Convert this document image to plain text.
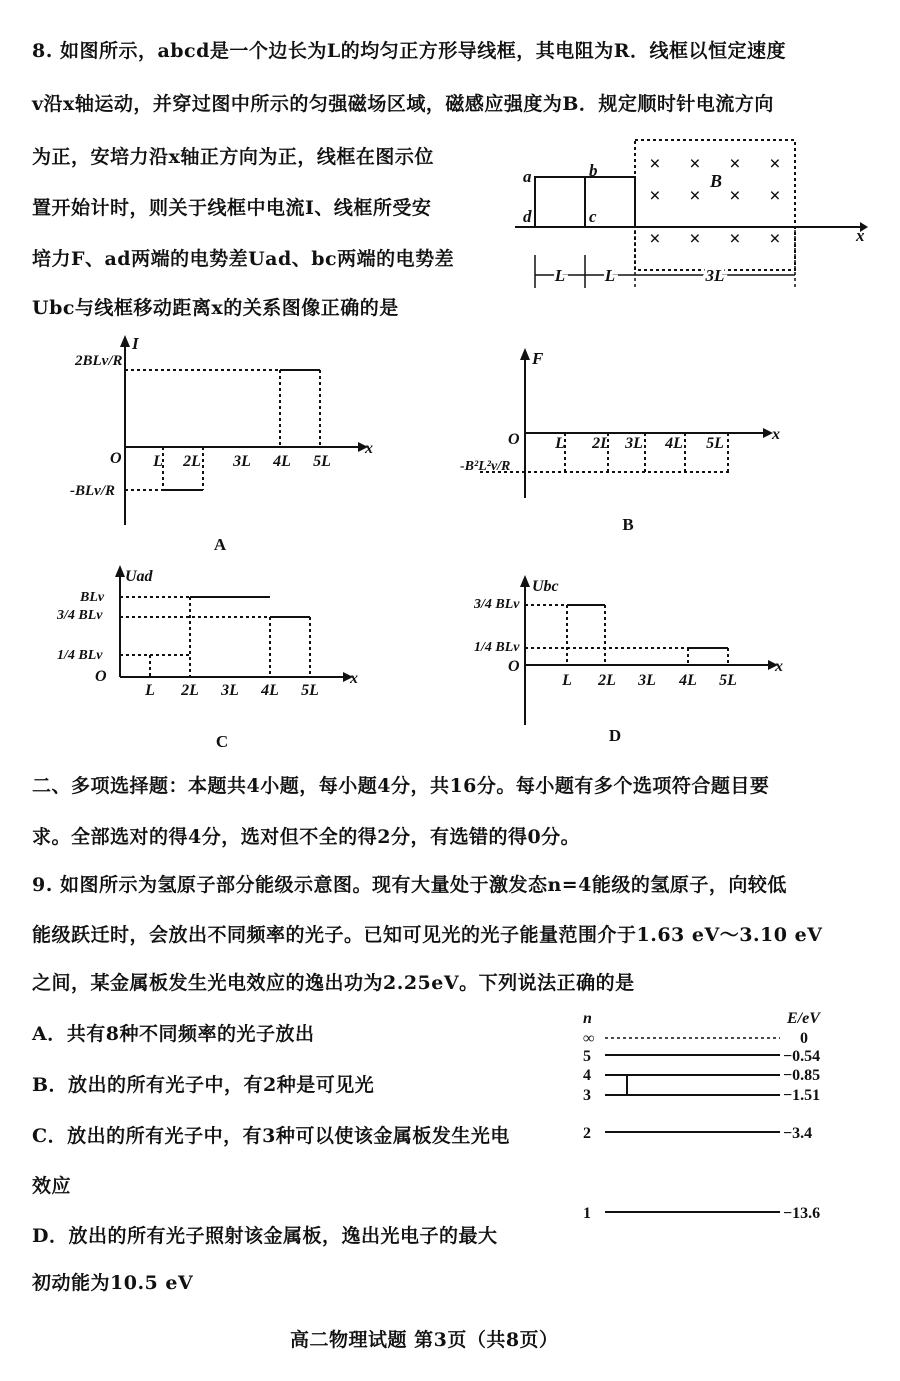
8. 如图所示，abcd是一个边长为L的均匀正方形导线框，其电阻为R．线框以恒定速度
v沿x轴运动，并穿过图中所示的匀强磁场区域，磁感应强度为B．规定顺时针电流方向
为正，安培力沿x轴正方向为正，线框在图示位
置开始计时，则关于线框中电流I、线框所受安
培力F、ad两端的电势差Uad、bc两端的电势差
Ubc与线框移动距离x的关系图像正确的是
× × × ×
× × × ×
× × × ×
B
a
d
b
c
x
L L	3L
I
x
O
2BLv/R
-BLv/R
L 2L 3L 4L 5L
A
F
x
O
-B²L²v/R
L 2L 3L 4L 5L
B
Uad
x
O
BLv
3/4 BLv
1/4 BLv
L 2L 3L 4L 5L
C
Ubc
x
O
3/4 BLv
1/4 BLv
L 2L 3L 4L 5L
D
二、多项选择题：本题共4小题，每小题4分，共16分。每小题有多个选项符合题目要
求。全部选对的得4分，选对但不全的得2分，有选错的得0分。
9. 如图所示为氢原子部分能级示意图。现有大量处于激发态n=4能级的氢原子，向较低
能级跃迁时，会放出不同频率的光子。已知可见光的光子能量范围介于1.63 eV～3.10 eV
之间，某金属板发生光电效应的逸出功为2.25eV。下列说法正确的是
A．共有8种不同频率的光子放出
B．放出的所有光子中，有2种是可见光
C．放出的所有光子中，有3种可以使该金属板发生光电
效应
D．放出的所有光子照射该金属板，逸出光电子的最大
初动能为10.5 eV
n	E/eV
∞
5
4
3
2
1
0
−0.54
−0.85
−1.51
−3.4
−13.6
高二物理试题 第3页（共8页）
